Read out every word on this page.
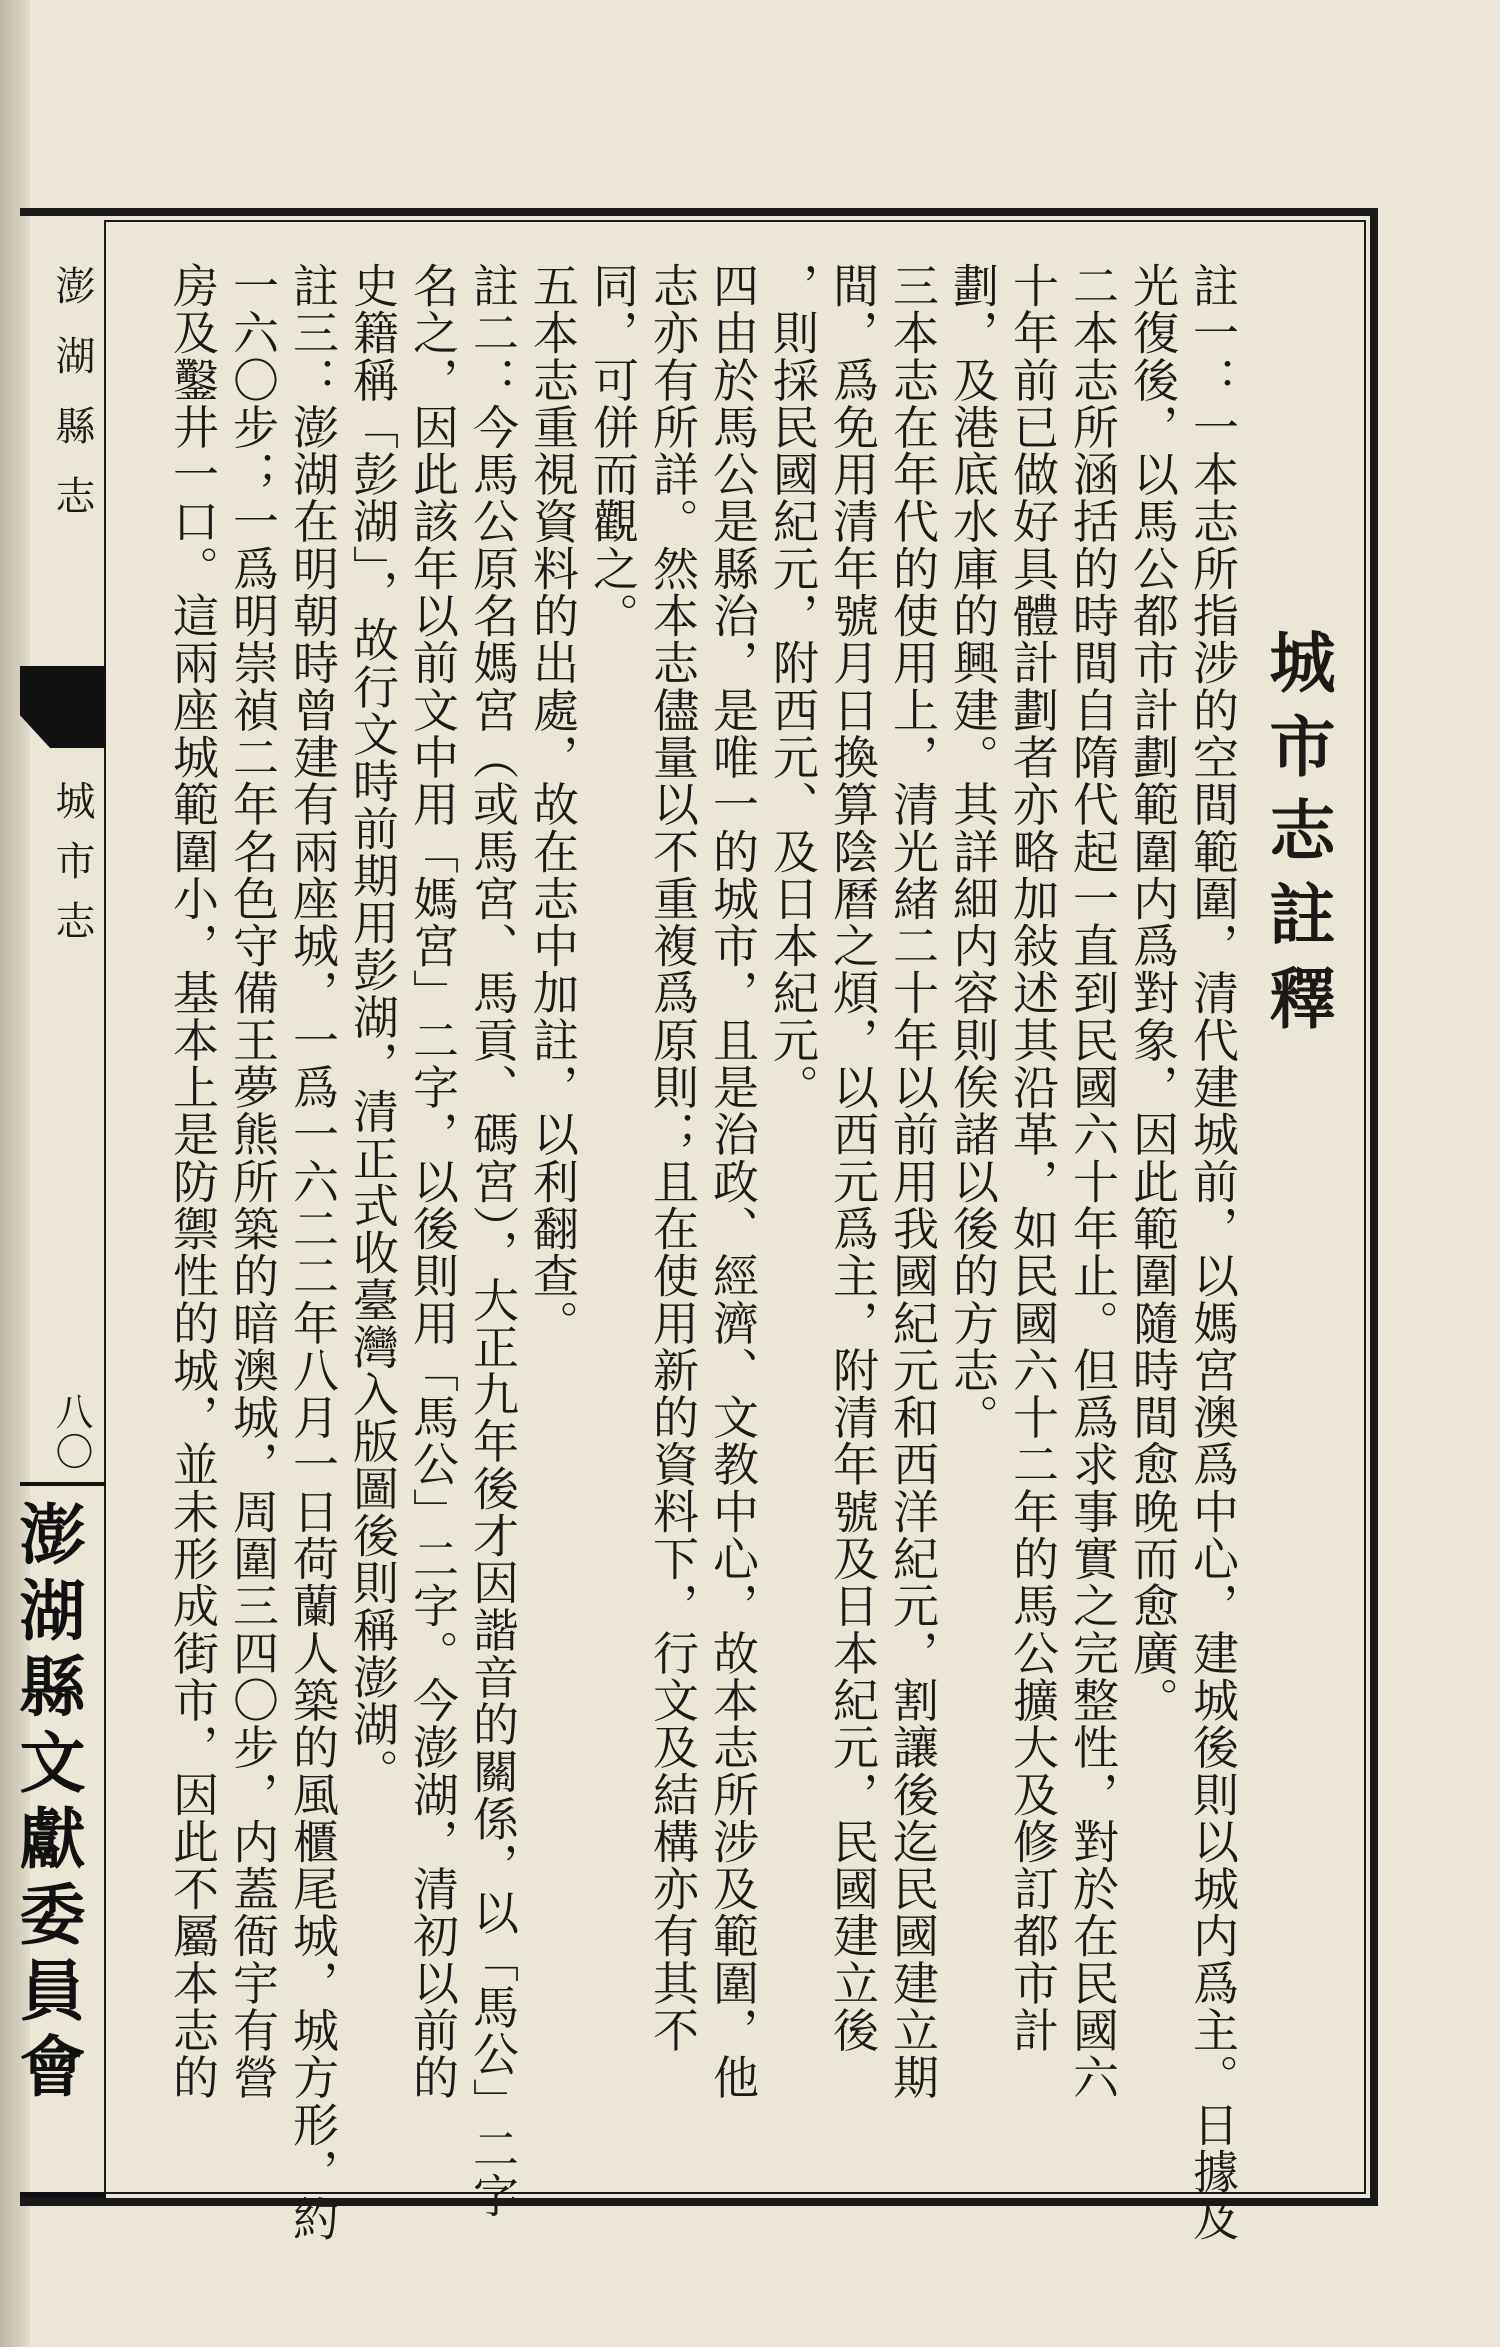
澎湖縣志
城市志
八〇
澎湖縣文獻委員會
城市志註釋
註一：一本志所指涉的空間範圍，清代建城前，以媽宮澳爲中心，建城後則以城内爲主。日據及
光復後，以馬公都市計劃範圍内爲對象，因此範圍隨時間愈晚而愈廣。
二本志所涵括的時間自隋代起一直到民國六十年止。但爲求事實之完整性，對於在民國六
十年前已做好具體計劃者亦略加敍述其沿革，如民國六十二年的馬公擴大及修訂都市計
劃，及港底水庫的興建。其詳細内容則俟諸以後的方志。
三本志在年代的使用上，清光緒二十年以前用我國紀元和西洋紀元，割讓後迄民國建立期
間，爲免用清年號月日換算陰曆之煩，以西元爲主，附清年號及日本紀元，民國建立後
，則採民國紀元，附西元、及日本紀元。
四由於馬公是縣治，是唯一的城市，且是治政、經濟、文教中心，故本志所涉及範圍，他
志亦有所詳。然本志儘量以不重複爲原則；且在使用新的資料下，行文及結構亦有其不
同，可併而觀之。
五本志重視資料的出處，故在志中加註，以利翻查。
註二：今馬公原名媽宮（或馬宮、馬貢、碼宮），大正九年後才因諧音的關係，以「馬公」二字
名之，因此該年以前文中用「媽宮」二字，以後則用「馬公」二字。今澎湖，清初以前的
史籍稱「彭湖」，故行文時前期用彭湖，清正式收臺灣入版圖後則稱澎湖。
註三：澎湖在明朝時曾建有兩座城，一爲一六二二年八月一日荷蘭人築的風櫃尾城，城方形，約
一六〇步；一爲明崇禎二年名色守備王夢熊所築的暗澳城，周圍三四〇步，内蓋衙宇有營
房及鑿井一口。這兩座城範圍小，基本上是防禦性的城，並未形成街市，因此不屬本志的
